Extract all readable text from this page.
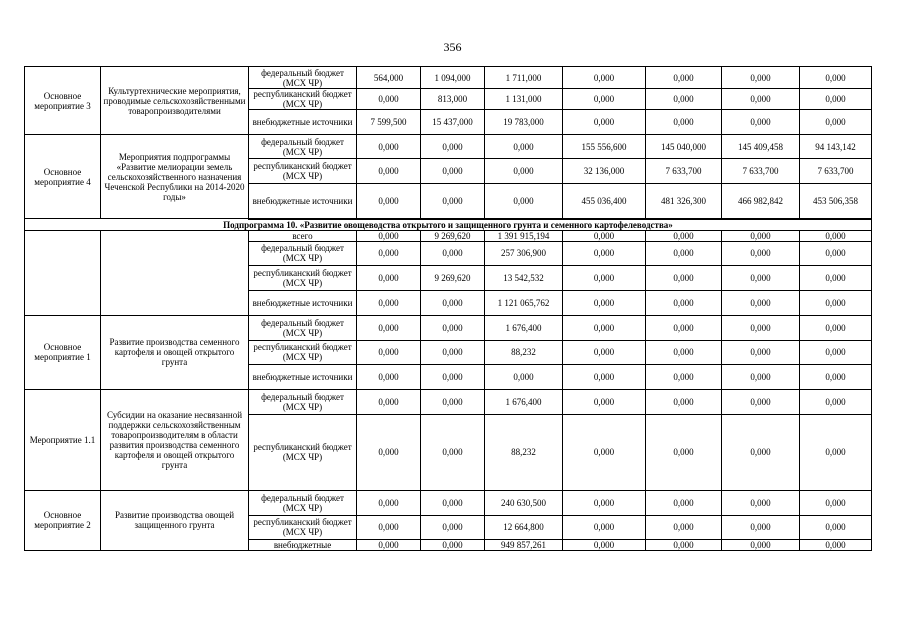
356
Основное мероприятие 3	Культуртехнические мероприятия, проводимые сельскохозяйственными товаропроизводителями	федеральный бюджет (МСХ ЧР)	564,000	1 094,000	1 711,000	0,000	0,000	0,000	0,000
		республиканский бюджет (МСХ ЧР)	0,000	813,000	1 131,000	0,000	0,000	0,000	0,000
		внебюджетные источники	7 599,500	15 437,000	19 783,000	0,000	0,000	0,000	0,000
Основное мероприятие 4	Мероприятия подпрограммы «Развитие мелиорации земель сельскохозяйственного назначения Чеченской Республики на 2014-2020 годы»	федеральный бюджет (МСХ ЧР)	0,000	0,000	0,000	155 556,600	145 040,000	145 409,458	94 143,142
		республиканский бюджет (МСХ ЧР)	0,000	0,000	0,000	32 136,000	7 633,700	7 633,700	7 633,700
		внебюджетные источники	0,000	0,000	0,000	455 036,400	481 326,300	466 982,842	453 506,358
Подпрограмма 10. «Развитие овощеводства открытого и защищенного грунта и семенного картофелеводства»									
		всего	0,000	9 269,620	1 391 915,194	0,000	0,000	0,000	0,000
		федеральный бюджет (МСХ ЧР)	0,000	0,000	257 306,900	0,000	0,000	0,000	0,000
		республиканский бюджет (МСХ ЧР)	0,000	9 269,620	13 542,532	0,000	0,000	0,000	0,000
		внебюджетные источники	0,000	0,000	1 121 065,762	0,000	0,000	0,000	0,000
Основное мероприятие 1	Развитие производства семенного картофеля и овощей открытого грунта	федеральный бюджет (МСХ ЧР)	0,000	0,000	1 676,400	0,000	0,000	0,000	0,000
		республиканский бюджет (МСХ ЧР)	0,000	0,000	88,232	0,000	0,000	0,000	0,000
		внебюджетные источники	0,000	0,000	0,000	0,000	0,000	0,000	0,000
Мероприятие 1.1	Субсидии на оказание несвязанной поддержки сельскохозяйственным товаропроизводителям в области развития производства семенного картофеля и овощей открытого грунта	федеральный бюджет (МСХ ЧР)	0,000	0,000	1 676,400	0,000	0,000	0,000	0,000
		республиканский бюджет (МСХ ЧР)	0,000	0,000	88,232	0,000	0,000	0,000	0,000
Основное мероприятие 2	Развитие производства овощей защищенного грунта	федеральный бюджет (МСХ ЧР)	0,000	0,000	240 630,500	0,000	0,000	0,000	0,000
		республиканский бюджет (МСХ ЧР)	0,000	0,000	12 664,800	0,000	0,000	0,000	0,000
		внебюджетные	0,000	0,000	949 857,261	0,000	0,000	0,000	0,000
